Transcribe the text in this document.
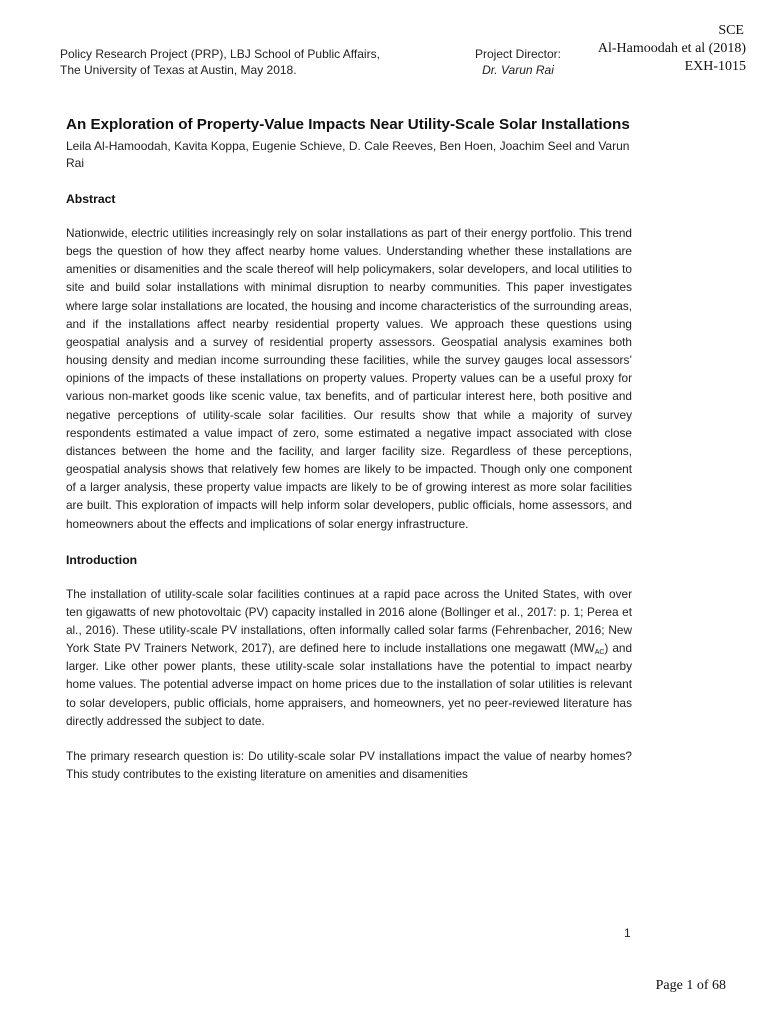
SCE
Al-Hamoodah et al (2018)
EXH-1015
Policy Research Project (PRP), LBJ School of Public Affairs,
The University of Texas at Austin, May 2018.
Project Director:
Dr. Varun Rai
An Exploration of Property-Value Impacts Near Utility-Scale Solar Installations

Leila Al-Hamoodah, Kavita Koppa, Eugenie Schieve, D. Cale Reeves, Ben Hoen, Joachim Seel and Varun Rai

Abstract

Nationwide, electric utilities increasingly rely on solar installations as part of their energy portfolio. This trend begs the question of how they affect nearby home values. Understanding whether these installations are amenities or disamenities and the scale thereof will help policymakers, solar developers, and local utilities to site and build solar installations with minimal disruption to nearby communities. This paper investigates where large solar installations are located, the housing and income characteristics of the surrounding areas, and if the installations affect nearby residential property values. We approach these questions using geospatial analysis and a survey of residential property assessors. Geospatial analysis examines both housing density and median income surrounding these facilities, while the survey gauges local assessors’ opinions of the impacts of these installations on property values. Property values can be a useful proxy for various non-market goods like scenic value, tax benefits, and of particular interest here, both positive and negative perceptions of utility-scale solar facilities. Our results show that while a majority of survey respondents estimated a value impact of zero, some estimated a negative impact associated with close distances between the home and the facility, and larger facility size. Regardless of these perceptions, geospatial analysis shows that relatively few homes are likely to be impacted. Though only one component of a larger analysis, these property value impacts are likely to be of growing interest as more solar facilities are built. This exploration of impacts will help inform solar developers, public officials, home assessors, and homeowners about the effects and implications of solar energy infrastructure.

Introduction

The installation of utility-scale solar facilities continues at a rapid pace across the United States, with over ten gigawatts of new photovoltaic (PV) capacity installed in 2016 alone (Bollinger et al., 2017: p. 1; Perea et al., 2016). These utility-scale PV installations, often informally called solar farms (Fehrenbacher, 2016; New York State PV Trainers Network, 2017), are defined here to include installations one megawatt $(MW_{AC})$ and larger. Like other power plants, these utility-scale solar installations have the potential to impact nearby home values. The potential adverse impact on home prices due to the installation of solar utilities is relevant to solar developers, public officials, home appraisers, and homeowners, yet no peer-reviewed literature has directly addressed the subject to date.

The primary research question is: Do utility-scale solar PV installations impact the value of nearby homes? This study contributes to the existing literature on amenities and disamenities

1
Page 1 of 68
